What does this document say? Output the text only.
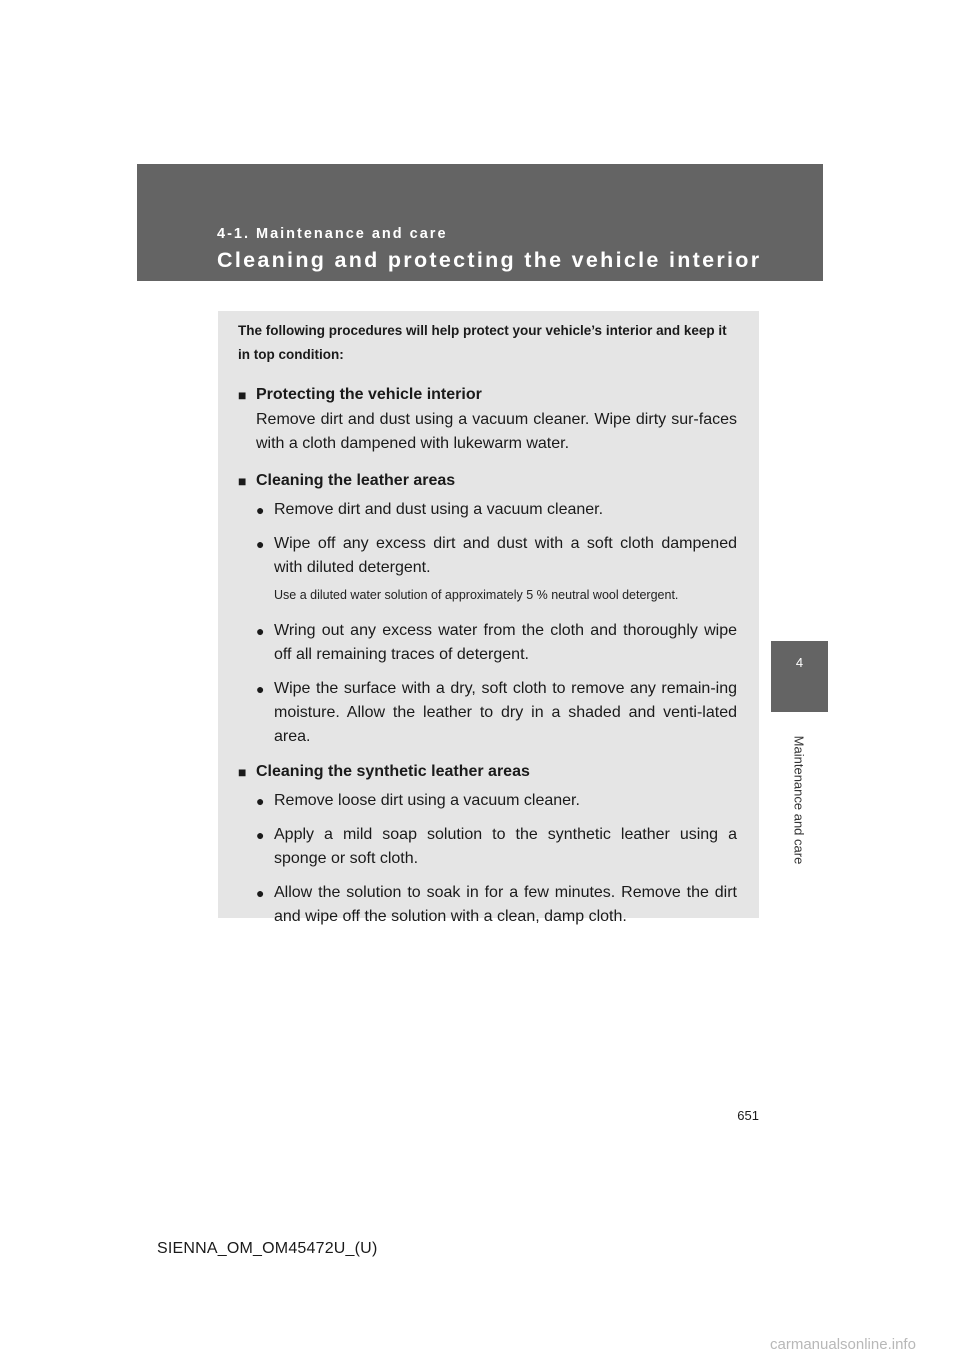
4-1. Maintenance and care
Cleaning and protecting the vehicle interior
4
Maintenance and care

The following procedures will help protect your vehicle’s interior and keep it in top condition:

■ Protecting the vehicle interior

Remove dirt and dust using a vacuum cleaner. Wipe dirty sur-faces with a cloth dampened with lukewarm water.

■ Cleaning the leather areas

● Remove dirt and dust using a vacuum cleaner.

● Wipe off any excess dirt and dust with a soft cloth dampened with diluted detergent.

Use a diluted water solution of approximately 5 % neutral wool detergent.

● Wring out any excess water from the cloth and thoroughly wipe off all remaining traces of detergent.

● Wipe the surface with a dry, soft cloth to remove any remain-ing moisture. Allow the leather to dry in a shaded and venti-lated area.

■ Cleaning the synthetic leather areas

● Remove loose dirt using a vacuum cleaner.

● Apply a mild soap solution to the synthetic leather using a sponge or soft cloth.

● Allow the solution to soak in for a few minutes. Remove the dirt and wipe off the solution with a clean, damp cloth.

651
SIENNA_OM_OM45472U_(U)
carmanualsonline.info
